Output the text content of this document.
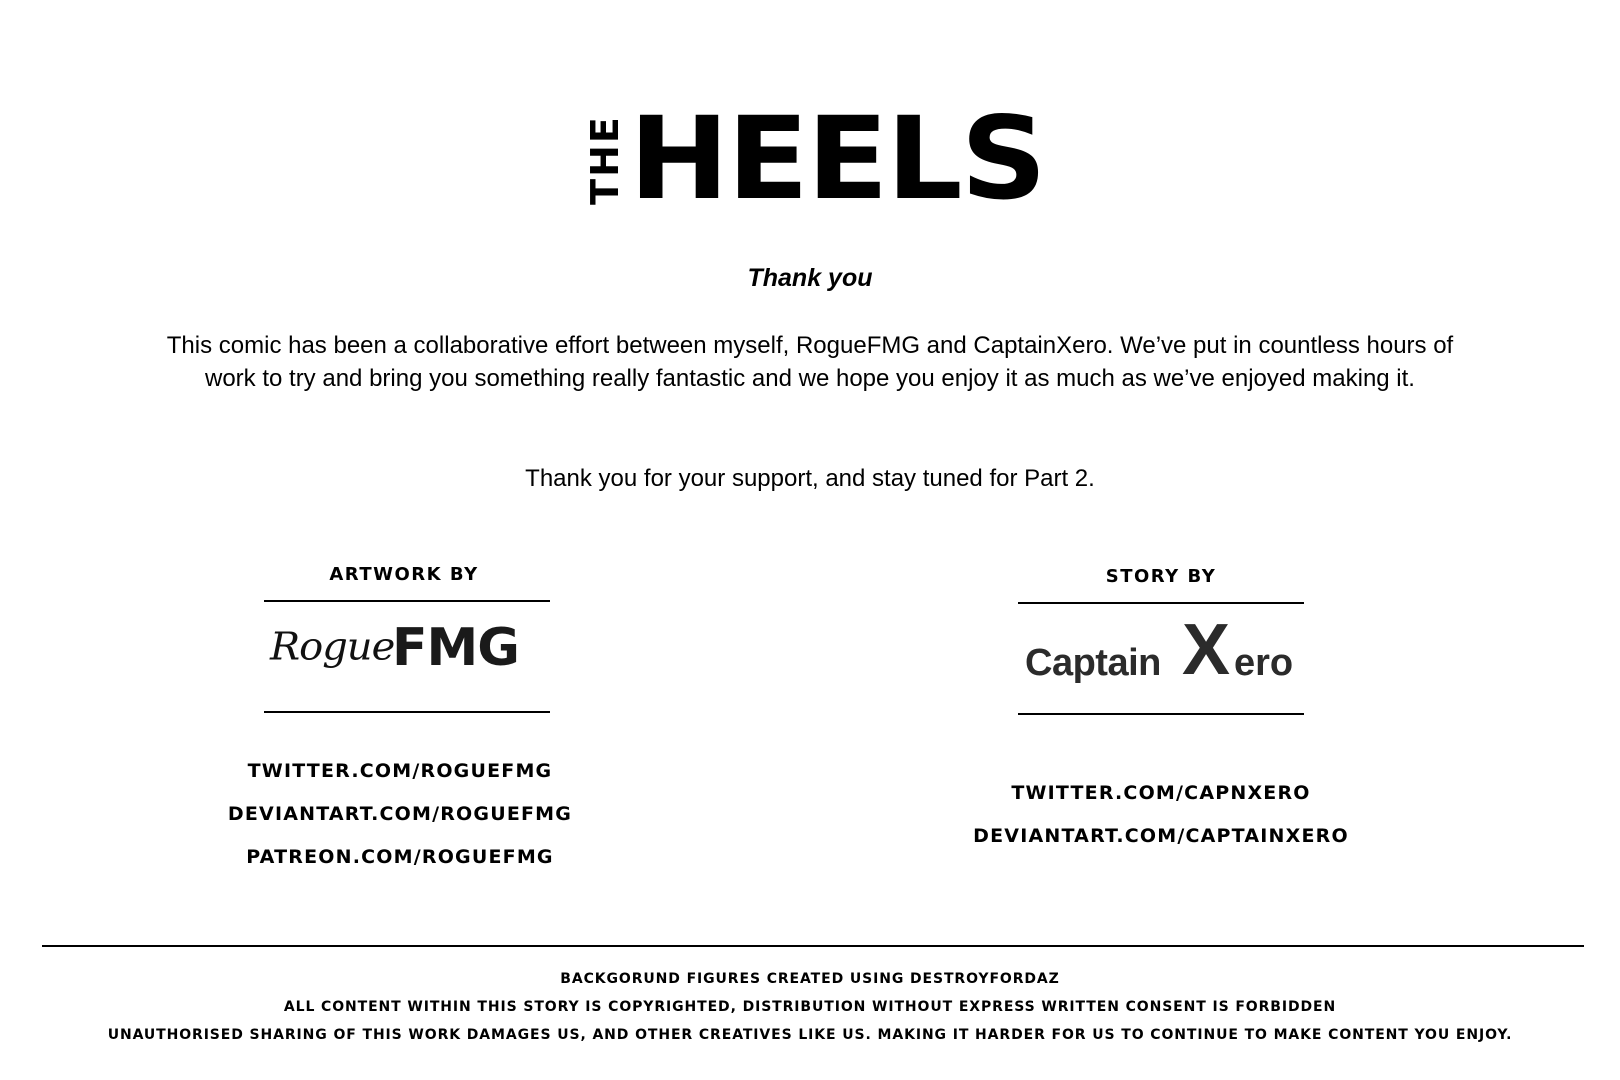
THE HEELS
Thank you
This comic has been a collaborative effort between myself, RogueFMG and CaptainXero. We’ve put in countless hours of work to try and bring you something really fantastic and we hope you enjoy it as much as we’ve enjoyed making it.
Thank you for your support, and stay tuned for Part 2.
ARTWORK BY
Rogue
FMG
TWITTER.COM/ROGUEFMG
DEVIANTART.COM/ROGUEFMG
PATREON.COM/ROGUEFMG
STORY BY
Captain X ero
TWITTER.COM/CAPNXERO
DEVIANTART.COM/CAPTAINXERO
BACKGORUND FIGURES CREATED USING DESTROYFORDAZ
ALL CONTENT WITHIN THIS STORY IS COPYRIGHTED, DISTRIBUTION WITHOUT EXPRESS WRITTEN CONSENT IS FORBIDDEN
UNAUTHORISED SHARING OF THIS WORK DAMAGES US, AND OTHER CREATIVES LIKE US. MAKING IT HARDER FOR US TO CONTINUE TO MAKE CONTENT YOU ENJOY.
